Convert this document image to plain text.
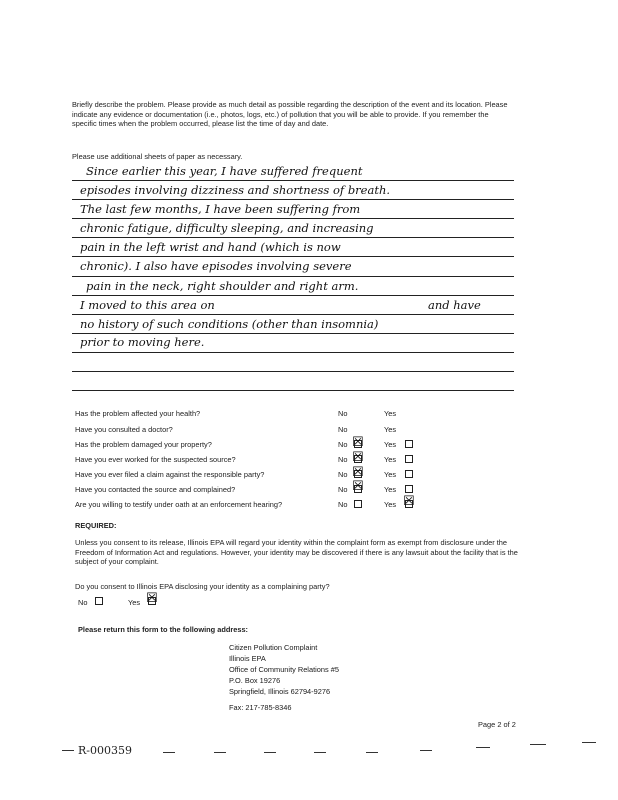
Briefly describe the problem. Please provide as much detail as possible regarding the description of the event and its location. Please indicate any evidence or documentation (i.e., photos, logs, etc.) of pollution that you will be able to provide. If you remember the specific times when the problem occurred, please list the time of day and date.
Please use additional sheets of paper as necessary.
Since earlier this year, I have suffered frequent
episodes involving dizziness and shortness of breath.
The last few months, I have been suffering from
chronic fatigue, difficulty sleeping, and increasing
pain in the left wrist and hand (which is now
chronic). I also have episodes involving severe
pain in the neck, right shoulder and right arm.
I moved to this area on	and have
no history of such conditions (other than insomnia)
prior to moving here.
Has the problem affected your health?	No	Yes
Have you consulted a doctor?	No	Yes
Has the problem damaged your property?	No ☒	Yes
Have you ever worked for the suspected source?	No ☒	Yes
Have you ever filed a claim against the responsible party?	No ☒	Yes
Have you contacted the source and complained?	No ☒	Yes
Are you willing to testify under oath at an enforcement hearing?	No	Yes ☒
REQUIRED:
Unless you consent to its release, Illinois EPA will regard your identity within the complaint form as exempt from disclosure under the Freedom of Information Act and regulations. However, your identity may be discovered if there is any lawsuit about the facility that is the subject of your complaint.
Do you consent to Illinois EPA disclosing your identity as a complaining party?
No	Yes ☒
Please return this form to the following address:
Citizen Pollution Complaint
Illinois EPA
Office of Community Relations #5
P.O. Box 19276
Springfield, Illinois 62794-9276
Fax: 217-785-8346
Page 2 of 2
R-000359
